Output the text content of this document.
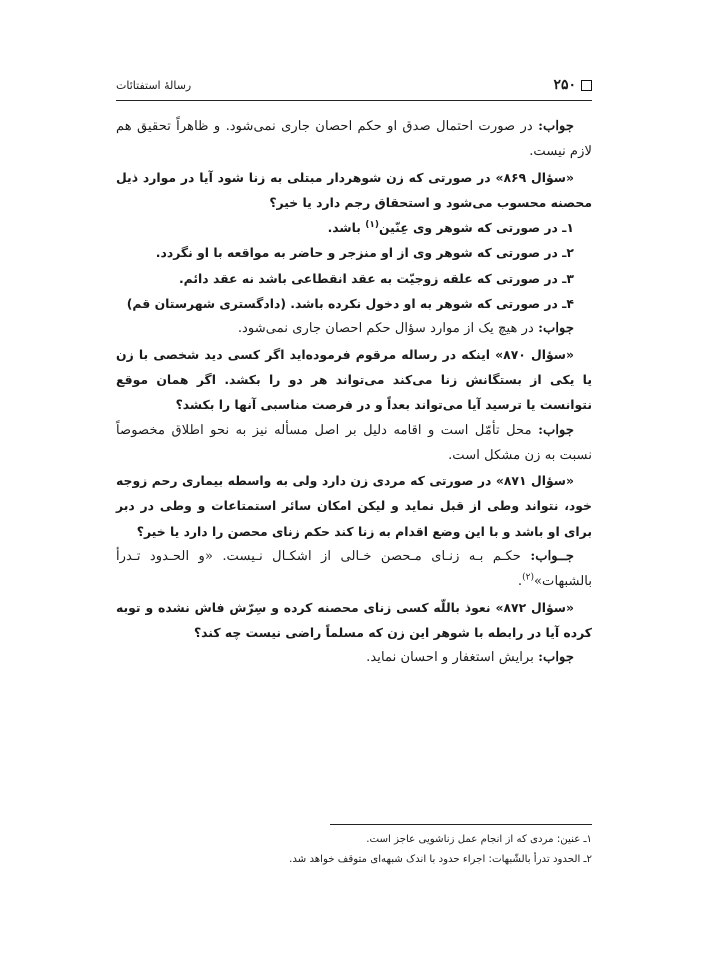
۲۵۰
رسالۀ استفتائات

جواب: در صورت احتمال صدق او حکم احصان جاری نمی‌شود. و ظاهراً تحقیق هم لازم نیست.

«سؤال ۸۶۹» در صورتی که زن شوهردار مبتلی به زنا شود آیا در موارد ذیل محصنه محسوب می‌شود و استحقاق رجم دارد یا خیر؟

۱ـ در صورتی که شوهر وی عِنّین$^{(۱)}$ باشد.

۲ـ در صورتی که شوهر وی از او منزجر و حاضر به مواقعه با او نگردد.

۳ـ در صورتی که علقه زوجیّت به عقد انقطاعی باشد نه عقد دائم.

۴ـ در صورتی که شوهر به او دخول نکرده باشد. (دادگستری شهرستان قم)

جواب: در هیچ یک از موارد سؤال حکم احصان جاری نمی‌شود.

«سؤال ۸۷۰» اینکه در رساله مرقوم فرموده‌اید اگر کسی دید شخصی با زن یا یکی از بستگانش زنا می‌کند می‌تواند هر دو را بکشد. اگر همان موقع نتوانست یا ترسید آیا می‌تواند بعداً و در فرصت مناسبی آنها را بکشد؟

جواب: محل تأمّل است و اقامه دلیل بر اصل مسأله نیز به نحو اطلاق مخصوصاً نسبت به زن مشکل است.

«سؤال ۸۷۱» در صورتی که مردی زن دارد ولی به واسطه بیماری رحم زوجه خود، نتواند وطی از قبل نماید و لیکن امکان سائر استمتاعات و وطی در دبر برای او باشد و با این وضع اقدام به زنا کند حکم زنای محصن را دارد یا خیر؟

جــواب: حکـم بـه زنـای مـحصن خـالی از اشکـال نـیست. «و الحـدود تـدرأ بالشبهات»$^{(۲)}$.

«سؤال ۸۷۲» نعوذ باللّه کسی زنای محصنه کرده و سِرّش فاش نشده و توبه کرده آیا در رابطه با شوهر این زن که مسلماً راضی نیست چه کند؟

جواب: برایش استغفار و احسان نماید.

۱ـ عنین: مردی که از انجام عمل زناشویی عاجز است.

۲ـ الحدود تدرأ بالشّبهات: اجراء حدود با اندک شبهه‌ای متوقف خواهد شد.
